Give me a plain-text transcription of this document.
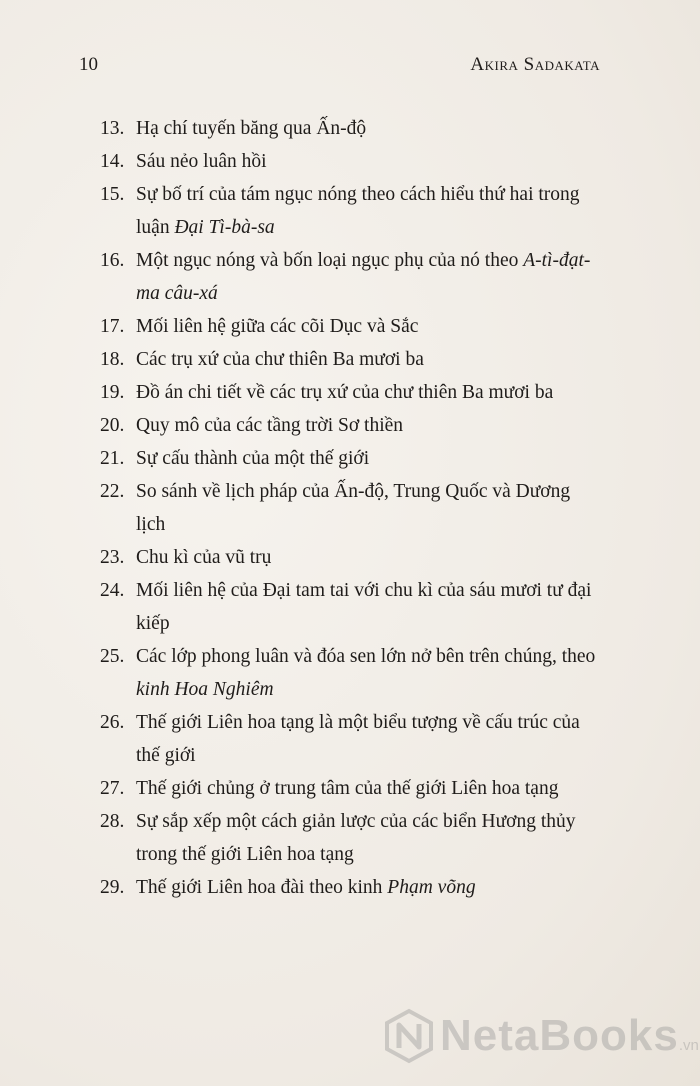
10	Akira Sadakata
13. Hạ chí tuyến băng qua Ấn-độ
14. Sáu nẻo luân hồi
15. Sự bố trí của tám ngục nóng theo cách hiểu thứ hai trong luận Đại Tì-bà-sa
16. Một ngục nóng và bốn loại ngục phụ của nó theo A-tì-đạt-ma câu-xá
17. Mối liên hệ giữa các cõi Dục và Sắc
18. Các trụ xứ của chư thiên Ba mươi ba
19. Đồ án chi tiết về các trụ xứ của chư thiên Ba mươi ba
20. Quy mô của các tầng trời Sơ thiền
21. Sự cấu thành của một thế giới
22. So sánh về lịch pháp của Ấn-độ, Trung Quốc và Dương lịch
23. Chu kì của vũ trụ
24. Mối liên hệ của Đại tam tai với chu kì của sáu mươi tư đại kiếp
25. Các lớp phong luân và đóa sen lớn nở bên trên chúng, theo kinh Hoa Nghiêm
26. Thế giới Liên hoa tạng là một biểu tượng về cấu trúc của thế giới
27. Thế giới chủng ở trung tâm của thế giới Liên hoa tạng
28. Sự sắp xếp một cách giản lược của các biển Hương thủy trong thế giới Liên hoa tạng
29. Thế giới Liên hoa đài theo kinh Phạm võng
NetaBooks .vn
